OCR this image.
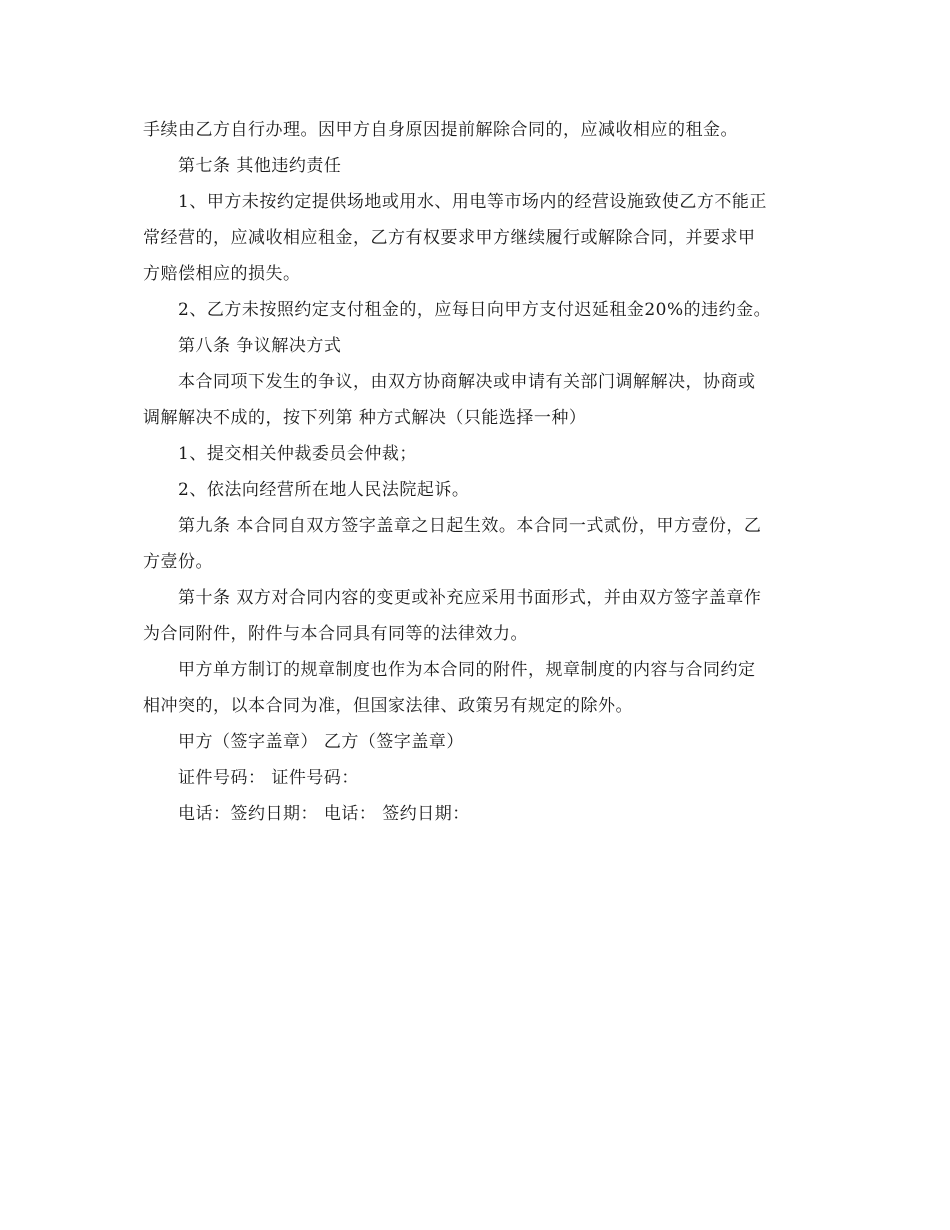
手续由乙方自行办理。因甲方自身原因提前解除合同的，应减收相应的租金。
第七条 其他违约责任
1、甲方未按约定提供场地或用水、用电等市场内的经营设施致使乙方不能正
常经营的，应减收相应租金，乙方有权要求甲方继续履行或解除合同，并要求甲
方赔偿相应的损失。
2、乙方未按照约定支付租金的，应每日向甲方支付迟延租金20%的违约金。
第八条 争议解决方式
本合同项下发生的争议，由双方协商解决或申请有关部门调解解决，协商或
调解解决不成的，按下列第 种方式解决（只能选择一种）
1、提交相关仲裁委员会仲裁；
2、依法向经营所在地人民法院起诉。
第九条 本合同自双方签字盖章之日起生效。本合同一式贰份，甲方壹份，乙
方壹份。
第十条 双方对合同内容的变更或补充应采用书面形式，并由双方签字盖章作
为合同附件，附件与本合同具有同等的法律效力。
甲方单方制订的规章制度也作为本合同的附件，规章制度的内容与合同约定
相冲突的，以本合同为准，但国家法律、政策另有规定的除外。
甲方（签字盖章） 乙方（签字盖章）
证件号码： 证件号码：
电话：签约日期： 电话： 签约日期：
